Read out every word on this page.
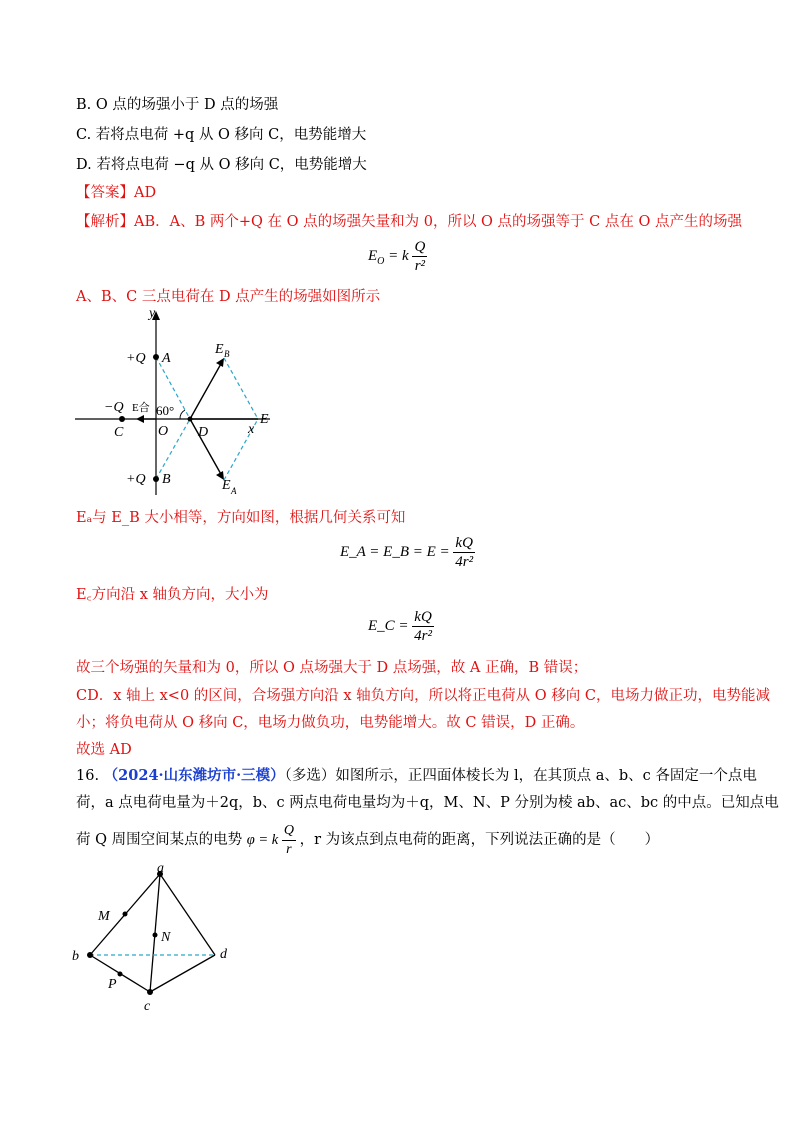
B. O 点的场强小于 D 点的场强
C. 若将点电荷 +q 从 O 移向 C，电势能增大
D. 若将点电荷 −q 从 O 移向 C，电势能增大
【答案】AD
【解析】AB．A、B 两个+Q 在 O 点的场强矢量和为 0，所以 O 点的场强等于 C 点在 O 点产生的场强
$E_O = k \frac{Q}{\text{r²}}$
A、B、C 三点电荷在 D 点产生的场强如图所示
y
x
+Q A
+Q B
−Q
C O D
E
E B
E A
E合 60°
Eₐ与 E_B 大小相等，方向如图，根据几何关系可知
E_A = E_B = $E = \frac{kQ}{\text{4r²}}$
E꜀方向沿 x 轴负方向，大小为
E_C = $\frac{kQ}{\text{4r²}}$
故三个场强的矢量和为 0，所以 O 点场强大于 D 点场强，故 A 正确，B 错误；
CD．x 轴上 x<0 的区间，合场强方向沿 x 轴负方向，所以将正电荷从 O 移向 C，电场力做正功，电势能减
小；将负电荷从 O 移向 C，电场力做负功，电势能增大。故 C 错误，D 正确。
故选 AD
16. （2024·山东潍坊市·三模）（多选）如图所示，正四面体棱长为 l，在其顶点 a、b、c 各固定一个点电
荷，a 点电荷电量为＋2q，b、c 两点电荷电量均为＋q，M、N、P 分别为棱 ab、ac、bc 的中点。已知点电
荷 Q 周围空间某点的电势 φ = k $\frac{Q}{r}$ ，r 为该点到点电荷的距离，下列说法正确的是（　　）
a
b
c
d
M
N
P
